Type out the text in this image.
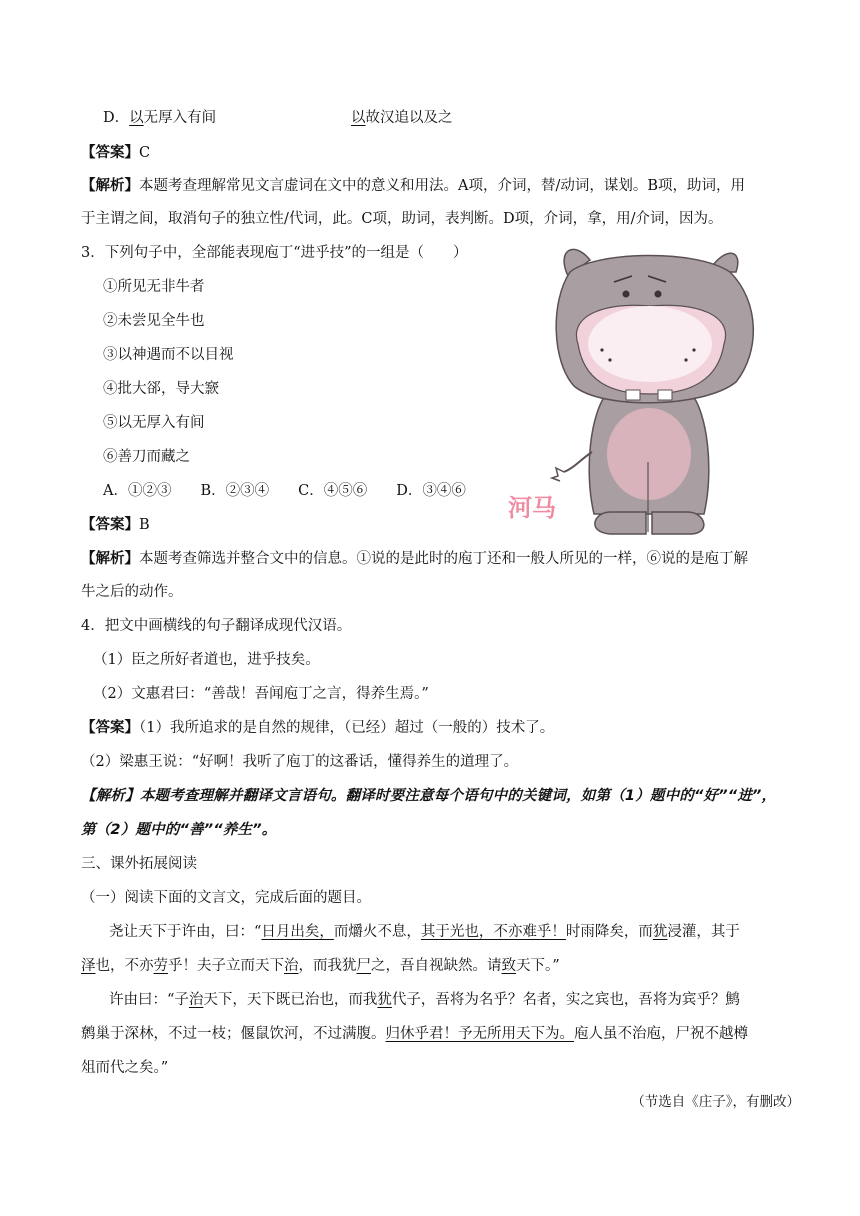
D．以无厚入有间	以故汉追以及之
【答案】C
【解析】本题考查理解常见文言虚词在文中的意义和用法。A项，介词，替/动词，谋划。B项，助词，用
于主谓之间，取消句子的独立性/代词，此。C项，助词，表判断。D项，介词，拿，用/介词，因为。
3．下列句子中，全部能表现庖丁“进乎技”的一组是（　　）
①所见无非牛者
②未尝见全牛也
③以神遇而不以目视
④批大郤，导大窾
⑤以无厚入有间
⑥善刀而藏之
A．①②③　　B．②③④　　C．④⑤⑥　　D．③④⑥
河马
【答案】B
【解析】本题考查筛选并整合文中的信息。①说的是此时的庖丁还和一般人所见的一样，⑥说的是庖丁解
牛之后的动作。
4．把文中画横线的句子翻译成现代汉语。
（1）臣之所好者道也，进乎技矣。
（2）文惠君曰：“善哉！吾闻庖丁之言，得养生焉。”
【答案】（1）我所追求的是自然的规律，（已经）超过（一般的）技术了。
（2）梁惠王说：“好啊！我听了庖丁的这番话，懂得养生的道理了。
【解析】本题考查理解并翻译文言语句。翻译时要注意每个语句中的关键词，如第（1）题中的“好”“进”，
第（2）题中的“善”“养生”。
三、课外拓展阅读
（一）阅读下面的文言文，完成后面的题目。
尧让天下于许由，曰：“日月出矣，而爝火不息，其于光也，不亦难乎！时雨降矣，而犹浸灌，其于
泽也，不亦劳乎！夫子立而天下治，而我犹尸之，吾自视缺然。请致天下。”
许由曰：“子治天下，天下既已治也，而我犹代子，吾将为名乎？名者，实之宾也，吾将为宾乎？鹪
鹩巢于深林，不过一枝；偃鼠饮河，不过满腹。归休乎君！予无所用天下为。庖人虽不治庖，尸祝不越樽
俎而代之矣。”
（节选自《庄子》，有删改）
